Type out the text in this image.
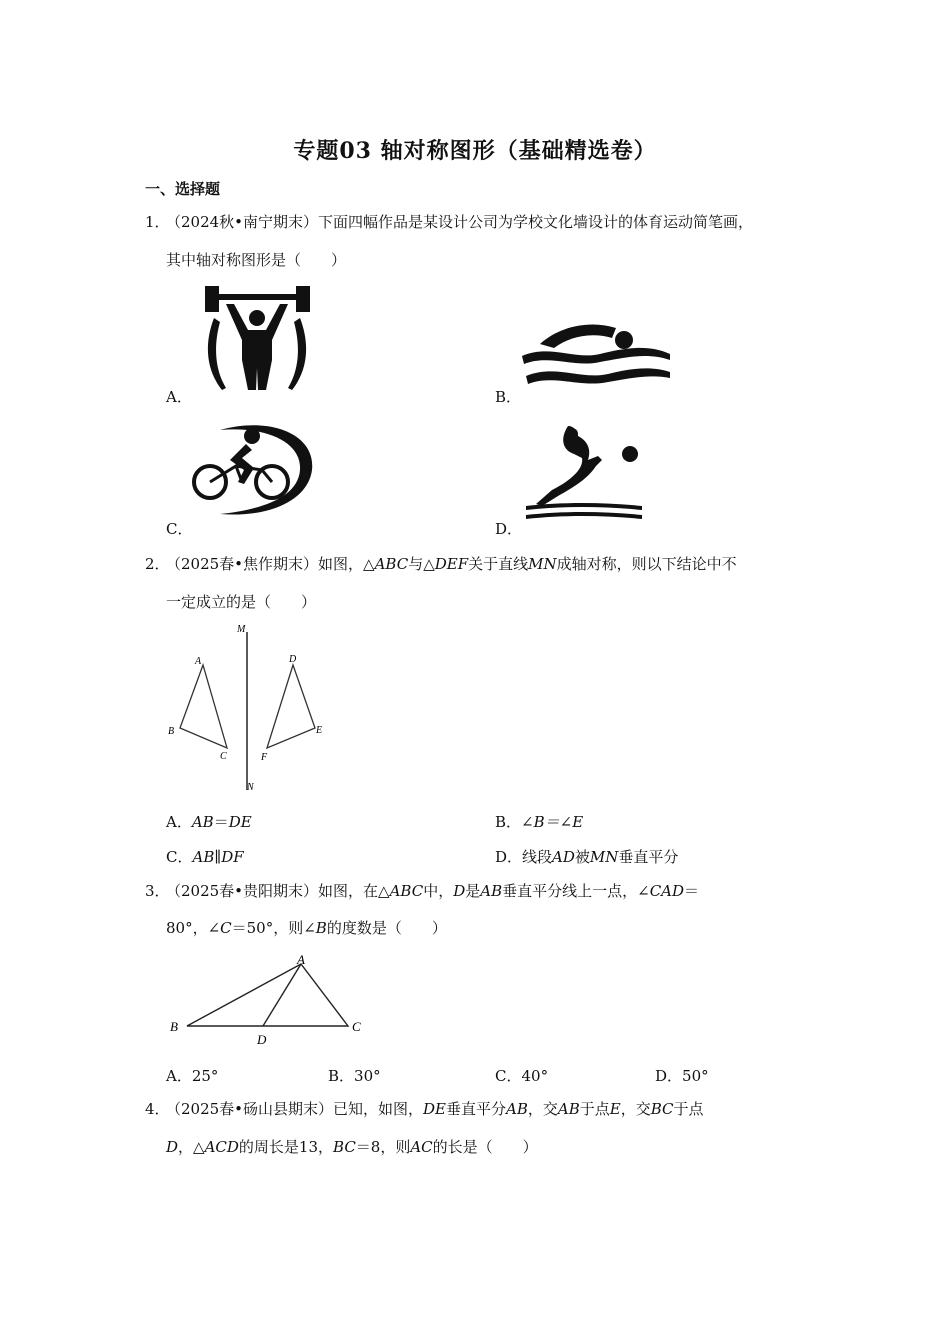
专题03 轴对称图形（基础精选卷）
一、选择题
1．
（2024秋•南宁期末）下面四幅作品是某设计公司为学校文化墙设计的体育运动简笔画，
其中轴对称图形是（　　）
A．	B．
C．	D．
2．
（2025春•焦作期末）如图，△ABC与△DEF关于直线MN成轴对称，则以下结论中不
一定成立的是（　　）
M
N
A
B
C
D
E
F
A．AB＝DE	B．∠B＝∠E
C．AB∥DF	D．线段AD被MN垂直平分
3．
（2025春•贵阳期末）如图，在△ABC中，D是AB垂直平分线上一点，∠CAD＝
80°，∠C＝50°，则∠B的度数是（　　）
A
B	C
D
A．25°	B．30°	C．40°	D．50°
4．
（2025春•砀山县期末）已知，如图，DE垂直平分AB，交AB于点E，交BC于点
D，△ACD的周长是13，BC＝8，则AC的长是（　　）
